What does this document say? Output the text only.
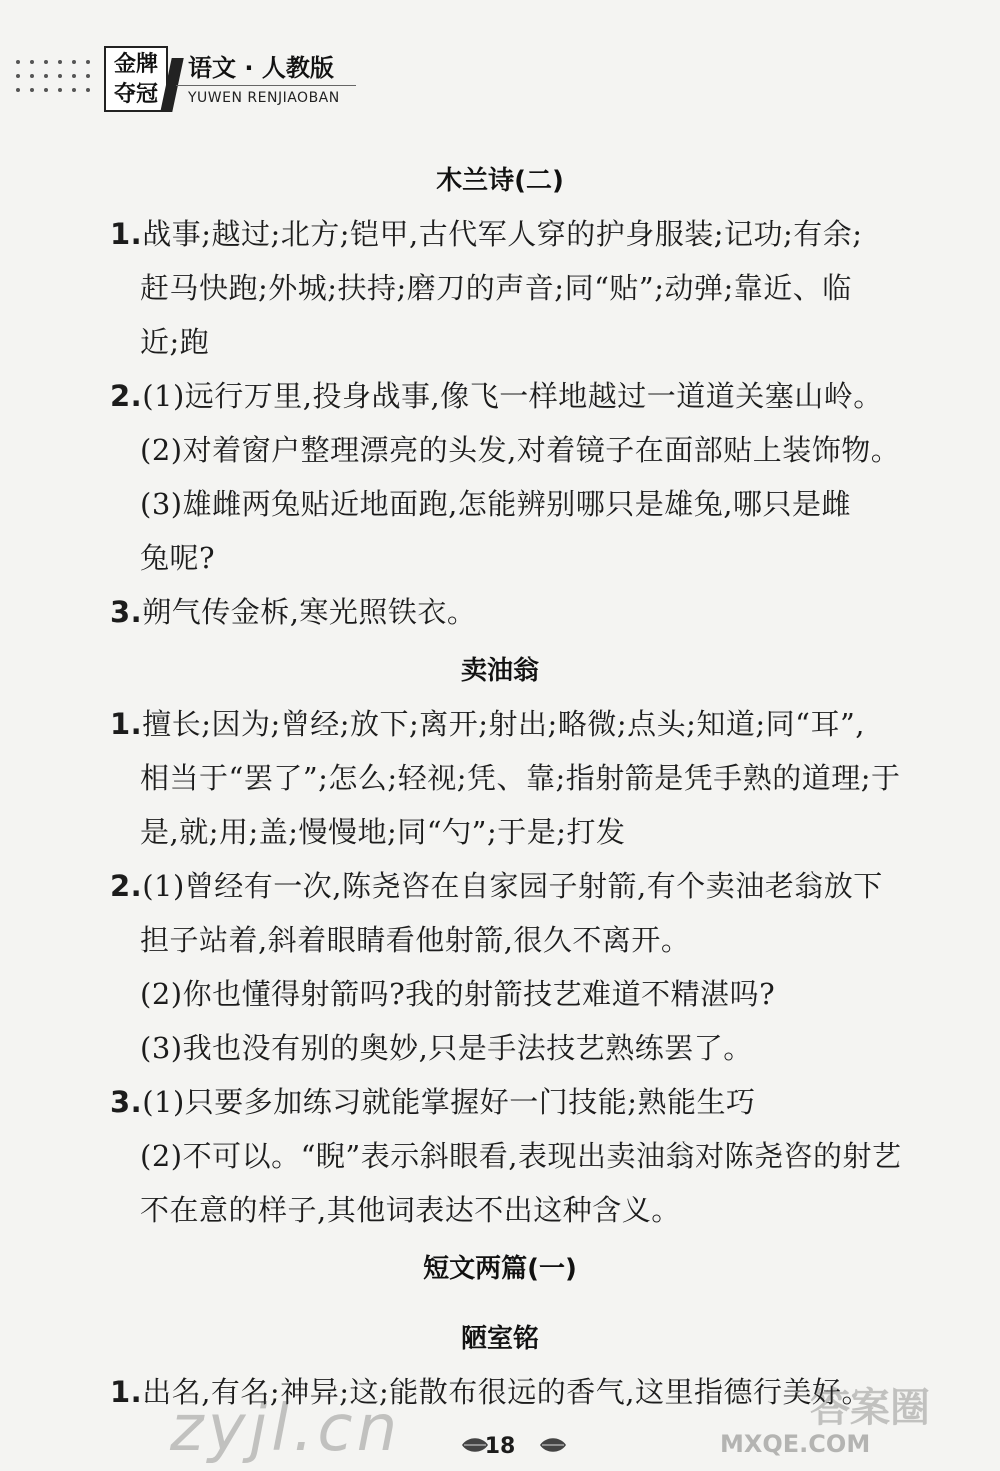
金牌
夺冠
语文 · 人教版
YUWEN RENJIAOBAN
木兰诗(二)
1.战事;越过;北方;铠甲,古代军人穿的护身服装;记功;有余;
赶马快跑;外城;扶持;磨刀的声音;同“贴”;动弹;靠近、临
近;跑
2.(1)远行万里,投身战事,像飞一样地越过一道道关塞山岭。
(2)对着窗户整理漂亮的头发,对着镜子在面部贴上装饰物。
(3)雄雌两兔贴近地面跑,怎能辨别哪只是雄兔,哪只是雌
兔呢?
3.朔气传金柝,寒光照铁衣。
卖油翁
1.擅长;因为;曾经;放下;离开;射出;略微;点头;知道;同“耳”,
相当于“罢了”;怎么;轻视;凭、靠;指射箭是凭手熟的道理;于
是,就;用;盖;慢慢地;同“勺”;于是;打发
2.(1)曾经有一次,陈尧咨在自家园子射箭,有个卖油老翁放下
担子站着,斜着眼睛看他射箭,很久不离开。
(2)你也懂得射箭吗?我的射箭技艺难道不精湛吗?
(3)我也没有别的奥妙,只是手法技艺熟练罢了。
3.(1)只要多加练习就能掌握好一门技能;熟能生巧
(2)不可以。“睨”表示斜眼看,表现出卖油翁对陈尧咨的射艺
不在意的样子,其他词表达不出这种含义。
短文两篇(一)
陋室铭
1.出名,有名;神异;这;能散布很远的香气,这里指德行美好。
zyjl.cn	答案圈
18	MXQE.COM
